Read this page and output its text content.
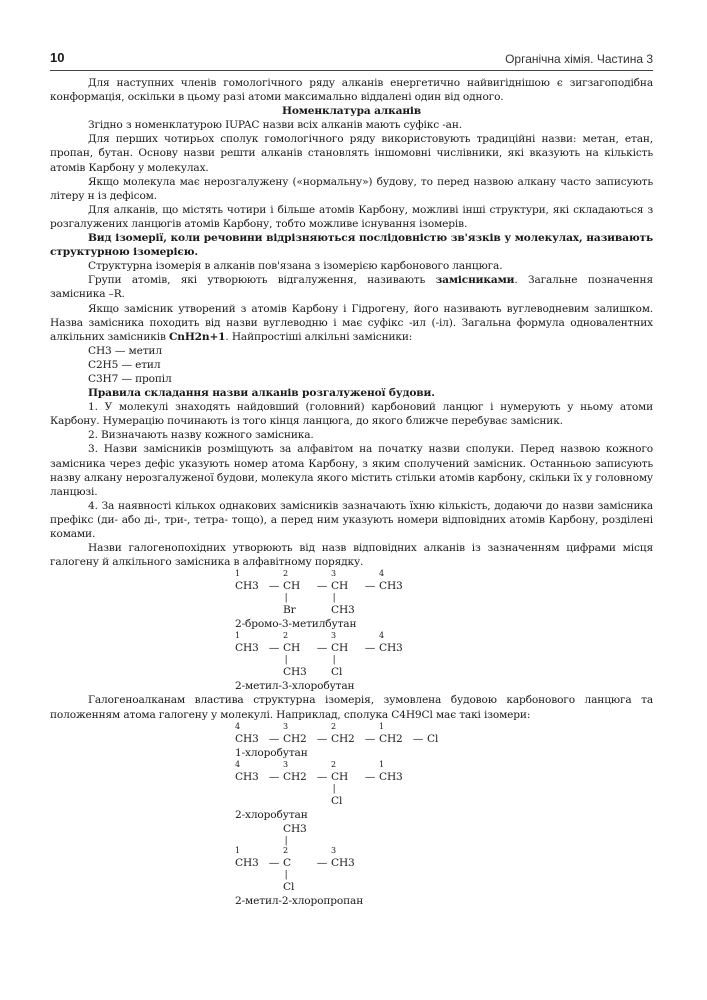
10	Органічна хімія. Частина 3

Для наступних членів гомологічного ряду алканів енергетично найвигіднішою є зигзагоподібна конформація, оскільки в цьому разі атоми максимально віддалені один від одного.

Номенклатура алканів

Згідно з номенклатурою IUPAC назви всіх алканів мають суфікс -ан.

Для перших чотирьох сполук гомологічного ряду використовують традиційні назви: метан, етан, пропан, бутан. Основу назви решти алканів становлять іншомовні числівники, які вказують на кількість атомів Карбону у молекулах.

Якщо молекула має нерозгалужену («нормальну») будову, то перед назвою алкану часто записують літеру н із дефісом.

Для алканів, що містять чотири і більше атомів Карбону, можливі інші структури, які складаються з розгалужених ланцюгів атомів Карбону, тобто можливе існування ізомерів.

Вид ізомерії, коли речовини відрізняються послідовністю зв'язків у молекулах, називають структурною ізомерією.

Структурна ізомерія в алканів пов'язана з ізомерією карбонового ланцюга.

Групи атомів, які утворюють відгалуження, називають замісниками. Загальне позначення замісника –R.

Якщо замісник утворений з атомів Карбону і Гідрогену, його називають вуглеводневим залишком. Назва замісника походить від назви вуглеводню і має суфікс -ил (-іл). Загальна формула одновалентних алкільних замісників CnH2n+1. Найпростіші алкільні замісники:

CH3 — метил

C2H5 — етил

C3H7 — пропіл

Правила складання назви алканів розгалуженої будови.

1. У молекулі знаходять найдовший (головний) карбоновий ланцюг і нумерують у ньому атоми Карбону. Нумерацію починають із того кінця ланцюга, до якого ближче перебуває замісник.

2. Визначають назву кожного замісника.

3. Назви замісників розміщують за алфавітом на початку назви сполуки. Перед назвою кожного замісника через дефіс указують номер атома Карбону, з яким сполучений замісник. Останньою записують назву алкану нерозгалуженої будови, молекула якого містить стільки атомів карбону, скільки їх у головному ланцюзі.

4. За наявності кількох однакових замісників зазначають їхню кількість, додаючи до назви замісника префікс (ди- або ді-, три-, тетра- тощо), а перед ним указують номери відповідних атомів Карбону, розділені комами.

Назви галогенопохідних утворюють від назв відповідних алканів із зазначенням цифрами місця галогену й алкільного замісника в алфавітному порядку.

1	2	3	4
CH3 — CH	— CH	— CH3
 |	 |
Br	CH3

2-бромо-3-метилбутан

1	2	3	4
CH3 — CH	— CH	— CH3
 |	 |
CH3	Cl

2-метил-3-хлоробутан

Галогеноалканам властива структурна ізомерія, зумовлена будовою карбонового ланцюга та положенням атома галогену у молекулі. Наприклад, сполука C4H9Cl має такі ізомери:

4	3	2	1
CH3 — CH2 — CH2 — CH2 — Cl

1-хлоробутан

4	3	2	1
CH3 — CH2 — CH	— CH3
 |
Cl

2-хлоробутан

CH3
 |
1	2	3
CH3 — C	— CH3
 |
Cl

2-метил-2-хлоропропан
